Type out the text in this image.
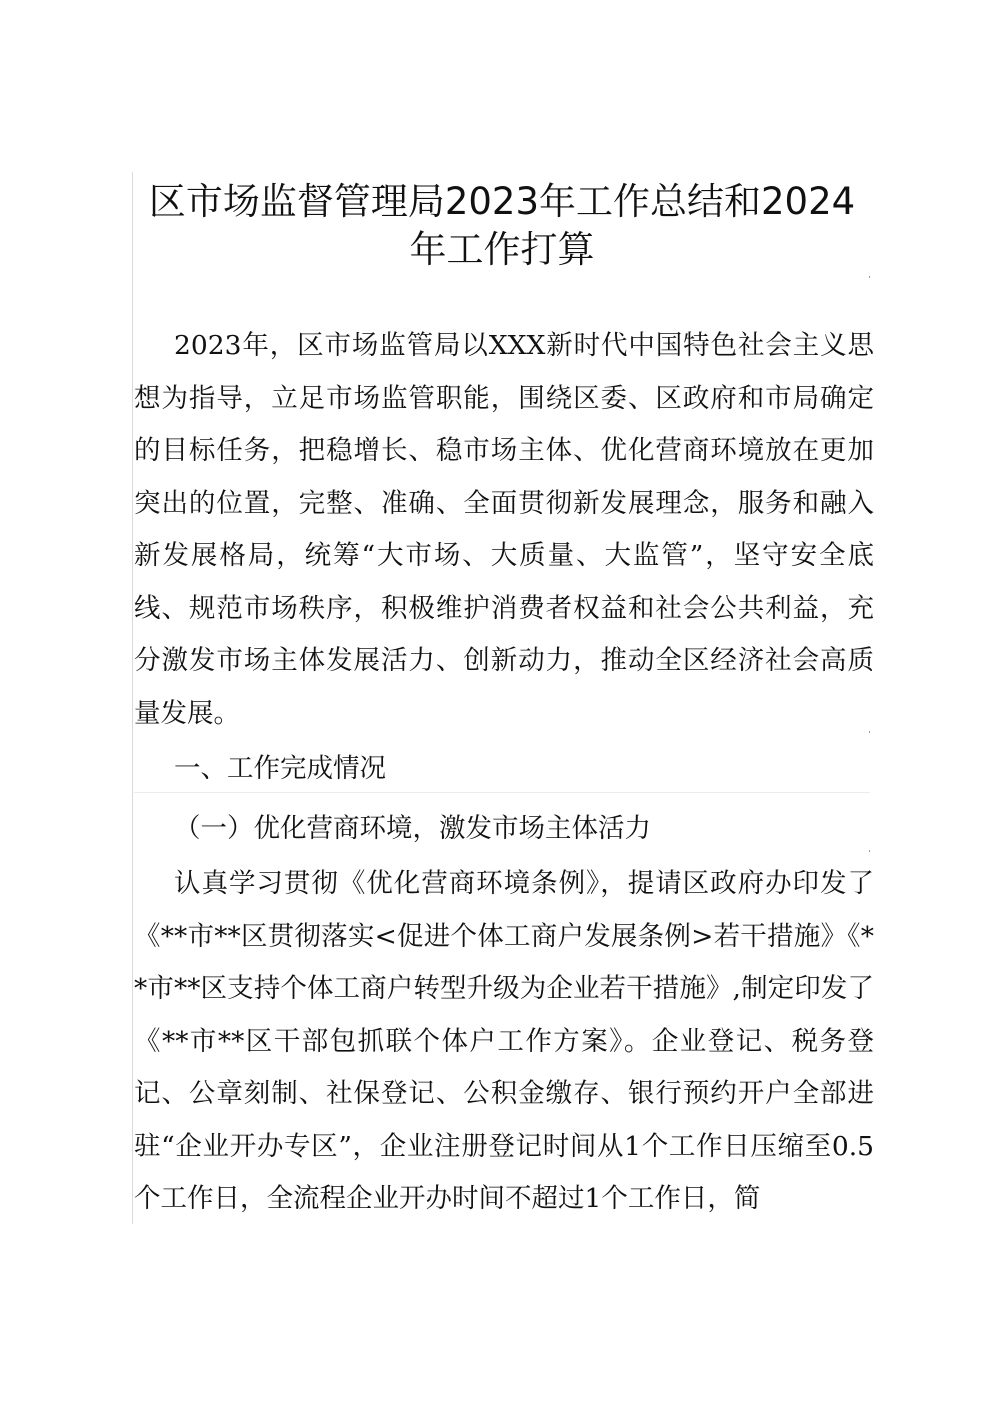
区市场监督管理局2023年工作总结和2024年工作打算

2023年，区市场监管局以XXX新时代中国特色社会主义思想为指导，立足市场监管职能，围绕区委、区政府和市局确定的目标任务，把稳增长、稳市场主体、优化营商环境放在更加突出的位置，完整、准确、全面贯彻新发展理念，服务和融入新发展格局，统筹“大市场、大质量、大监管”，坚守安全底线、规范市场秩序，积极维护消费者权益和社会公共利益，充分激发市场主体发展活力、创新动力，推动全区经济社会高质量发展。

一、工作完成情况

（一）优化营商环境，激发市场主体活力

认真学习贯彻《优化营商环境条例》，提请区政府办印发了《**市**区贯彻落实<促进个体工商户发展条例>若干措施》《**市**区支持个体工商户转型升级为企业若干措施》,制定印发了《**市**区干部包抓联个体户工作方案》。企业登记、税务登记、公章刻制、社保登记、公积金缴存、银行预约开户全部进驻“企业开办专区”，企业注册登记时间从1个工作日压缩至0.5个工作日，全流程企业开办时间不超过1个工作日，简
